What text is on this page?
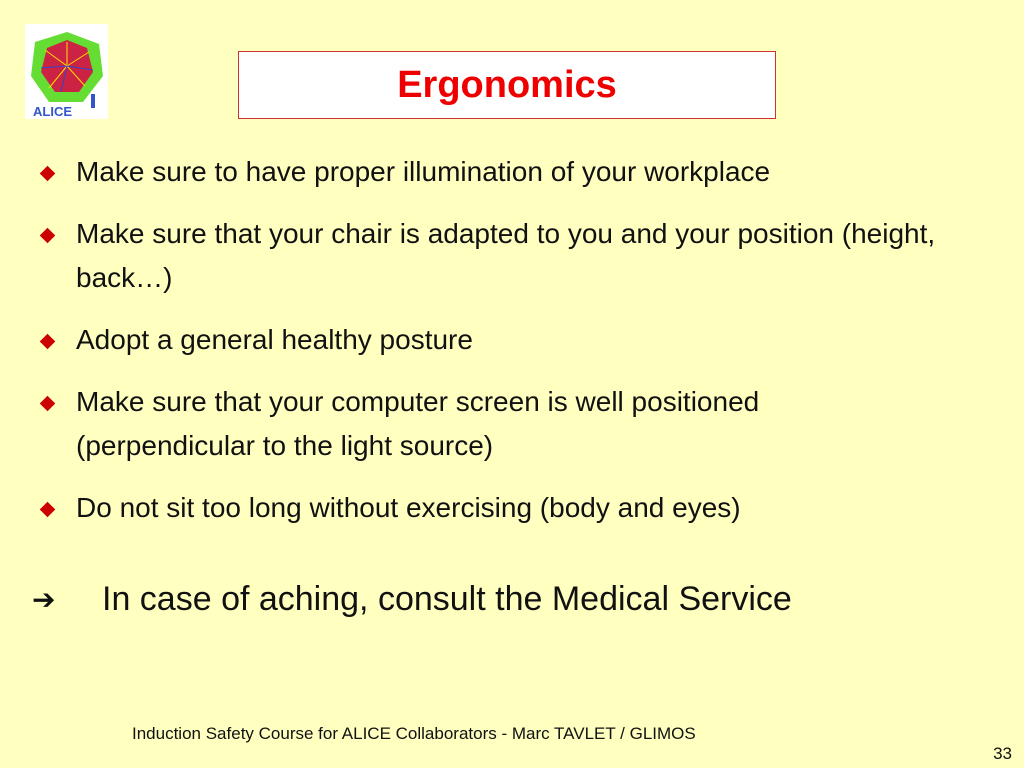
ALICE
Ergonomics
Make sure to have proper illumination of your workplace
Make sure that your chair is adapted to you and your position (height, back…)
Adopt a general healthy posture
Make sure that your computer screen is well positioned (perpendicular to the light source)
Do not sit too long without exercising (body and eyes)
➔	In case of aching, consult the Medical Service
Induction Safety Course for ALICE Collaborators - Marc TAVLET / GLIMOS
33
